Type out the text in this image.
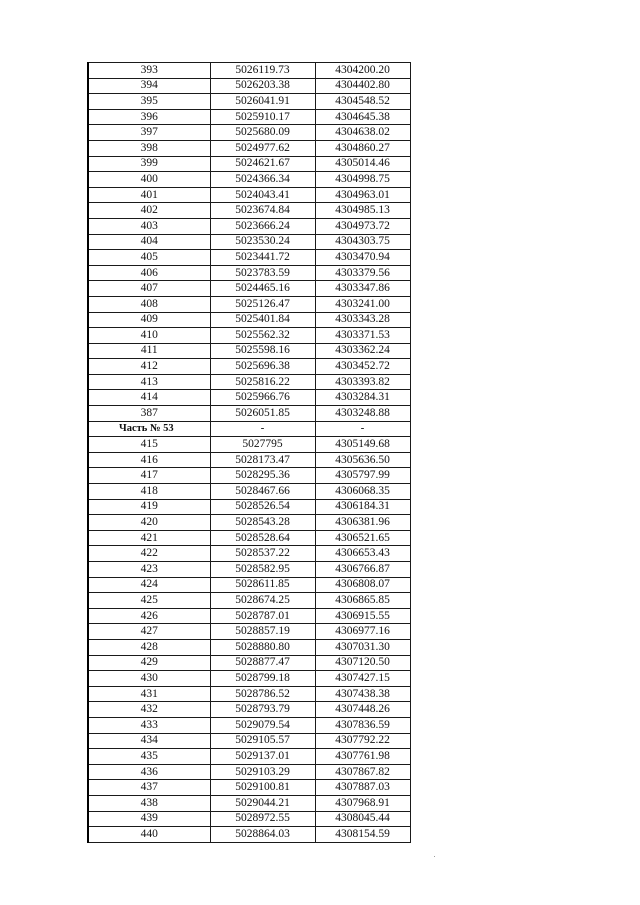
393	5026119.73	4304200.20
394	5026203.38	4304402.80
395	5026041.91	4304548.52
396	5025910.17	4304645.38
397	5025680.09	4304638.02
398	5024977.62	4304860.27
399	5024621.67	4305014.46
400	5024366.34	4304998.75
401	5024043.41	4304963.01
402	5023674.84	4304985.13
403	5023666.24	4304973.72
404	5023530.24	4304303.75
405	5023441.72	4303470.94
406	5023783.59	4303379.56
407	5024465.16	4303347.86
408	5025126.47	4303241.00
409	5025401.84	4303343.28
410	5025562.32	4303371.53
411	5025598.16	4303362.24
412	5025696.38	4303452.72
413	5025816.22	4303393.82
414	5025966.76	4303284.31
387	5026051.85	4303248.88
Часть № 53	-	-
415	5027795	4305149.68
416	5028173.47	4305636.50
417	5028295.36	4305797.99
418	5028467.66	4306068.35
419	5028526.54	4306184.31
420	5028543.28	4306381.96
421	5028528.64	4306521.65
422	5028537.22	4306653.43
423	5028582.95	4306766.87
424	5028611.85	4306808.07
425	5028674.25	4306865.85
426	5028787.01	4306915.55
427	5028857.19	4306977.16
428	5028880.80	4307031.30
429	5028877.47	4307120.50
430	5028799.18	4307427.15
431	5028786.52	4307438.38
432	5028793.79	4307448.26
433	5029079.54	4307836.59
434	5029105.57	4307792.22
435	5029137.01	4307761.98
436	5029103.29	4307867.82
437	5029100.81	4307887.03
438	5029044.21	4307968.91
439	5028972.55	4308045.44
440	5028864.03	4308154.59
